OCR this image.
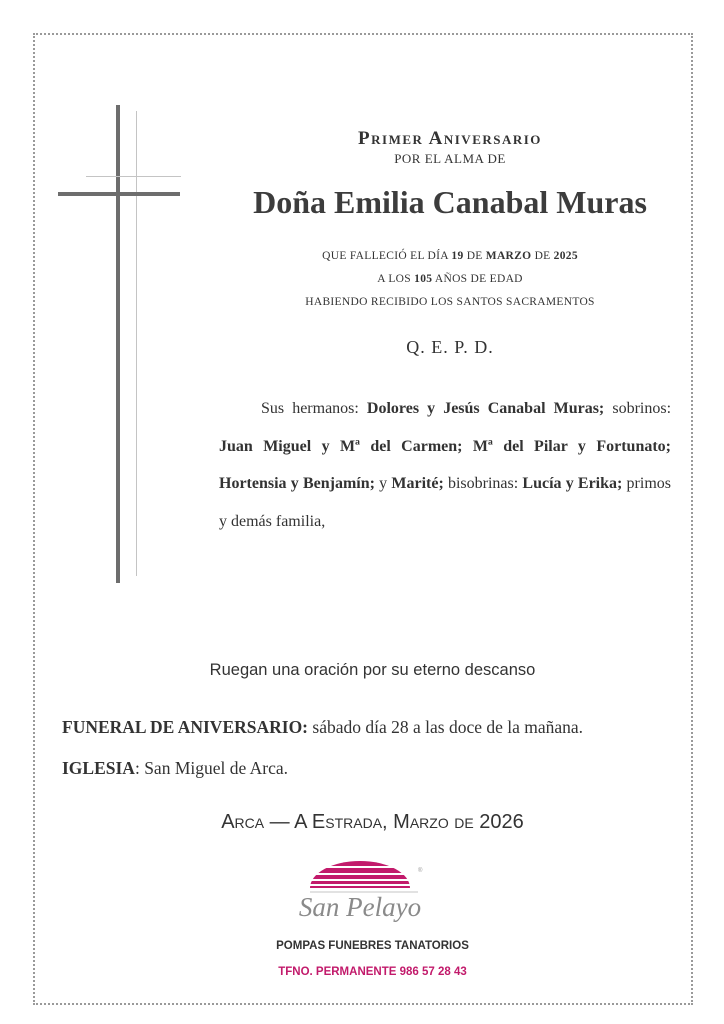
Primer Aniversario
POR EL ALMA DE
Doña Emilia Canabal Muras
QUE FALLECIÓ EL DÍA 19 DE MARZO DE 2025
A LOS 105 AÑOS DE EDAD
HABIENDO RECIBIDO LOS SANTOS SACRAMENTOS
Q. E. P. D.
Sus hermanos: Dolores y Jesús Canabal Muras; sobrinos: Juan Miguel y Mª del Carmen; Mª del Pilar y Fortunato; Hortensia y Benjamín; y Marité; bisobrinas: Lucía y Erika; primos y demás familia,
Ruegan una oración por su eterno descanso
FUNERAL DE ANIVERSARIO: sábado día 28 a las doce de la mañana.
IGLESIA: San Miguel de Arca.
Arca — A Estrada, Marzo de 2026
®
San Pelayo
POMPAS FUNEBRES TANATORIOS
TFNO. PERMANENTE 986 57 28 43
